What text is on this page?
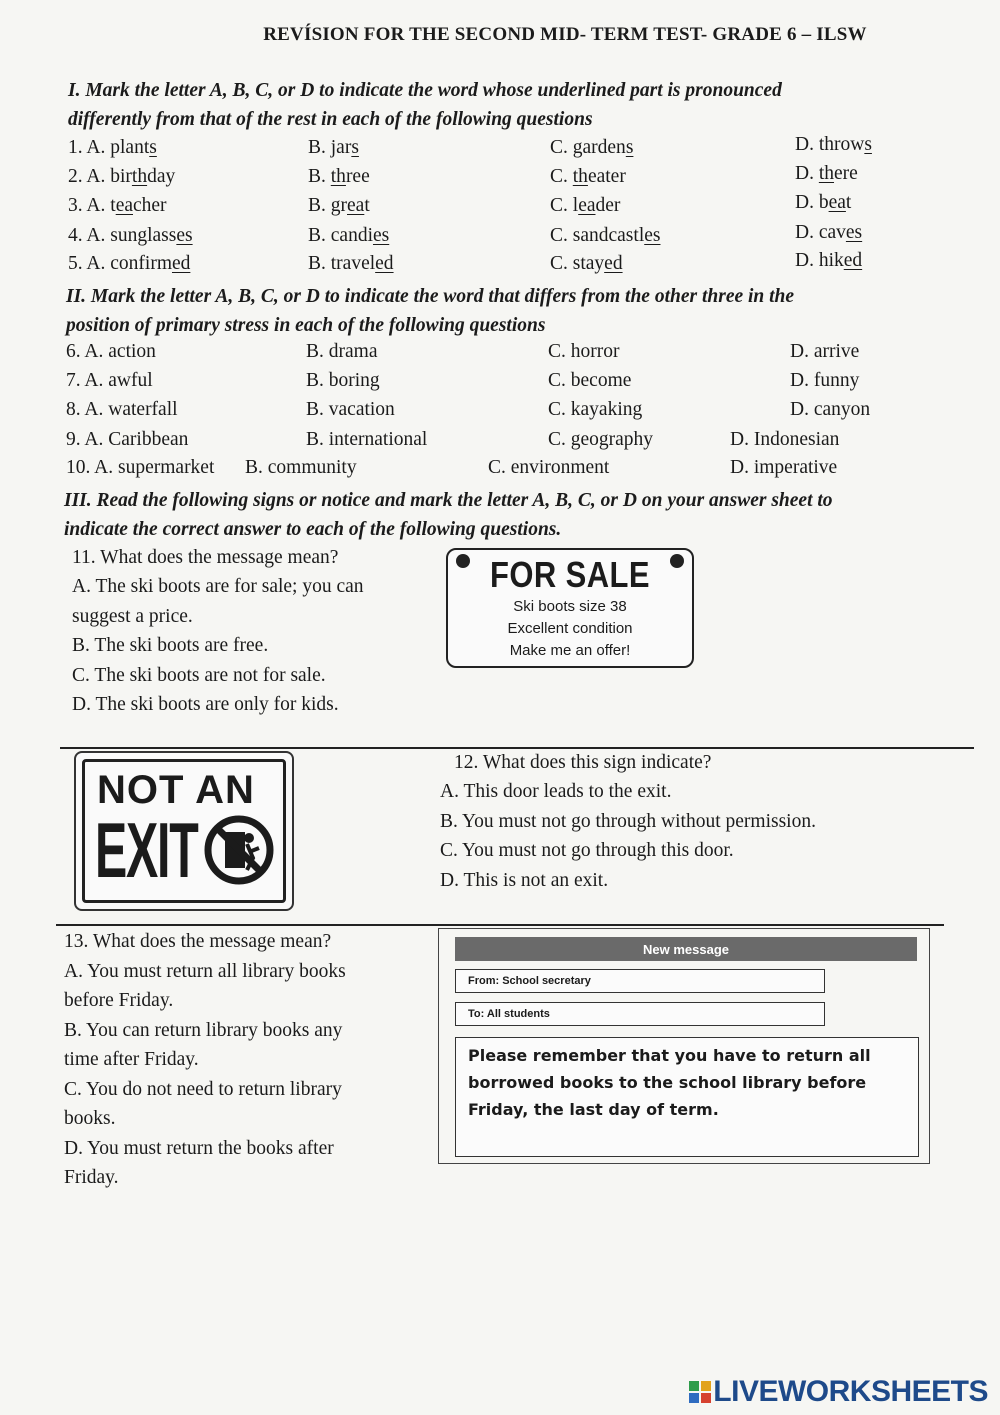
REVÍSION FOR THE SECOND MID- TERM TEST- GRADE 6 – ILSW
I. Mark the letter A, B, C, or D to indicate the word whose underlined part is pronounced
differently from that of the rest in each of the following questions
1. A. plants	B. jars	C. gardens	D. throws
2. A. birthday	B. three	C. theater	D. there
3. A. teacher	B. great	C. leader	D. beat
4. A. sunglasses	B. candies	C. sandcastles	D. caves
5. A. confirmed	B. traveled	C. stayed	D. hiked
II. Mark the letter A, B, C, or D to indicate the word that differs from the other three in the
position of primary stress in each of the following questions
6. A. action	B. drama	C. horror	D. arrive
7. A. awful	B. boring	C. become	D. funny
8. A. waterfall	B. vacation	C. kayaking	D. canyon
9. A. Caribbean	B. international	C. geography	D. Indonesian
10. A. supermarket B. community	C. environment	D. imperative
III. Read the following signs or notice and mark the letter A, B, C, or D on your answer sheet to
indicate the correct answer to each of the following questions.
11. What does the message mean?
A. The ski boots are for sale; you can
suggest a price.
B. The ski boots are free.
C. The ski boots are not for sale.
D. The ski boots are only for kids.
FOR SALE
Ski boots size 38
Excellent condition
Make me an offer!
NOT AN
EXIT
12. What does this sign indicate?
A. This door leads to the exit.
B. You must not go through without permission.
C. You must not go through this door.
D. This is not an exit.
13. What does the message mean?
A. You must return all library books
before Friday.
B. You can return library books any
time after Friday.
C. You do not need to return library
books.
D. You must return the books after
Friday.
New message
From: School secretary
To: All students
Please remember that you have to return all
borrowed books to the school library before
Friday, the last day of term.
LIVEWORKSHEETS
